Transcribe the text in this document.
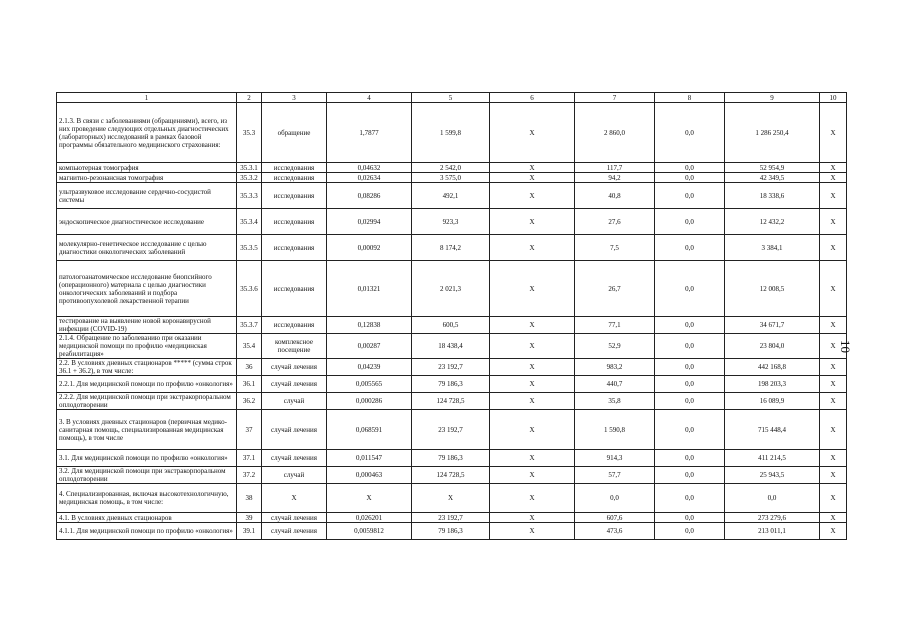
1	2	3	4	5	6	7	8	9	10
2.1.3. В связи с заболеваниями (обращениями), всего, из них проведение следующих отдельных диагностических (лабораторных) исследований в рамках базовой программы обязательного медицинского страхования:	35.3	обращение	1,7877	1 599,8	Х	2 860,0	0,0	1 286 250,4	Х
компьютерная томография	35.3.1	исследования	0,04632	2 542,0	Х	117,7	0,0	52 954,9	Х
магнитно-резонансная томография	35.3.2	исследования	0,02634	3 575,0	Х	94,2	0,0	42 349,5	Х
ультразвуковое исследование сердечно-сосудистой системы	35.3.3	исследования	0,08286	492,1	Х	40,8	0,0	18 338,6	Х
эндоскопическое диагностическое исследование	35.3.4	исследования	0,02994	923,3	Х	27,6	0,0	12 432,2	Х
молекулярно-генетическое исследование с целью диагностики онкологических заболеваний	35.3.5	исследования	0,00092	8 174,2	Х	7,5	0,0	3 384,1	Х
патологоанатомическое исследование биопсийного (операционного) материала с целью диагностики онкологических заболеваний и подбора противоопухолевой лекарственной терапии	35.3.6	исследования	0,01321	2 021,3	Х	26,7	0,0	12 008,5	Х
тестирование на выявление новой коронавирусной инфекции (COVID-19)	35.3.7	исследования	0,12838	600,5	Х	77,1	0,0	34 671,7	Х
2.1.4. Обращение по заболеванию при оказании медицинской помощи по профилю «медицинская реабилитация»	35.4	комплексное посещение	0,00287	18 438,4	Х	52,9	0,0	23 804,0	Х
2.2. В условиях дневных стационаров ***** (сумма строк 36.1 + 36.2), в том числе:	36	случай лечения	0,04239	23 192,7	Х	983,2	0,0	442 168,8	Х
2.2.1. Для медицинской помощи по профилю «онкология»	36.1	случай лечения	0,005565	79 186,3	Х	440,7	0,0	198 203,3	Х
2.2.2. Для медицинской помощи при экстракорпоральном оплодотворении	36.2	случай	0,000286	124 728,5	Х	35,8	0,0	16 089,9	Х
3. В условиях дневных стационаров (первичная медико-санитарная помощь, специализированная медицинская помощь), в том числе	37	случай лечения	0,068591	23 192,7	Х	1 590,8	0,0	715 448,4	Х
3.1. Для медицинской помощи по профилю «онкология»	37.1	случай лечения	0,011547	79 186,3	Х	914,3	0,0	411 214,5	Х
3.2. Для медицинской помощи при экстракорпоральном оплодотворении	37.2	случай	0,000463	124 728,5	Х	57,7	0,0	25 943,5	Х
4. Специализированная, включая высокотехнологичную, медицинская помощь, в том числе:	38	Х	Х	Х	Х	0,0	0,0	0,0	Х
4.1. В условиях дневных стационаров	39	случай лечения	0,026201	23 192,7	Х	607,6	0,0	273 279,6	Х
4.1.1. Для медицинской помощи по профилю «онкология»	39.1	случай лечения	0,0059812	79 186,3	Х	473,6	0,0	213 011,1	Х
10
